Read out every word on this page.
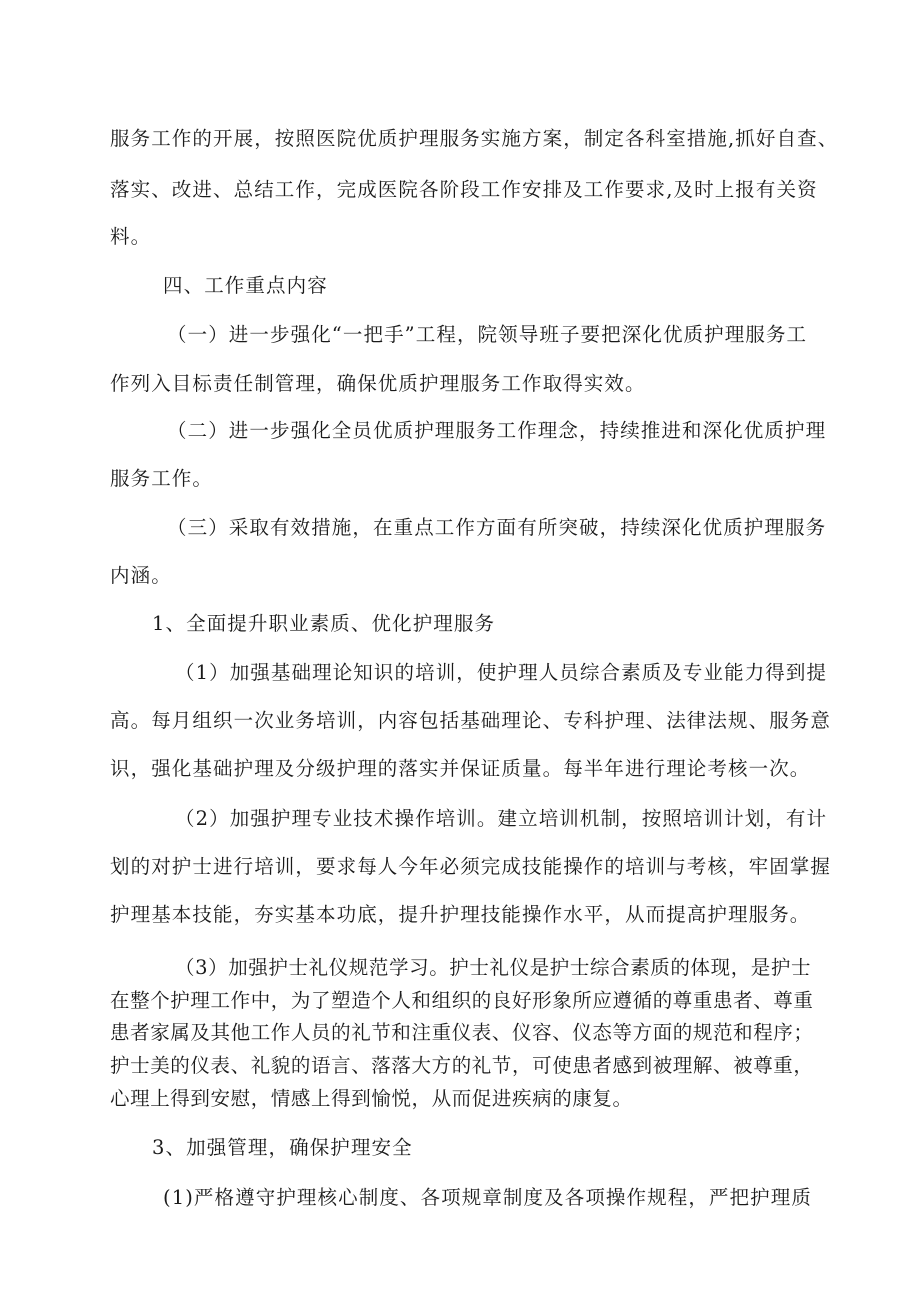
服务工作的开展，按照医院优质护理服务实施方案，制定各科室措施,抓好自查、
落实、改进、总结工作，完成医院各阶段工作安排及工作要求,及时上报有关资
料。
四、工作重点内容
（一）进一步强化“一把手”工程，院领导班子要把深化优质护理服务工
作列入目标责任制管理，确保优质护理服务工作取得实效。
（二）进一步强化全员优质护理服务工作理念，持续推进和深化优质护理
服务工作。
（三）采取有效措施，在重点工作方面有所突破，持续深化优质护理服务
内涵。
1、全面提升职业素质、优化护理服务
（1）加强基础理论知识的培训，使护理人员综合素质及专业能力得到提
高。每月组织一次业务培训，内容包括基础理论、专科护理、法律法规、服务意
识，强化基础护理及分级护理的落实并保证质量。每半年进行理论考核一次。
（2）加强护理专业技术操作培训。建立培训机制，按照培训计划，有计
划的对护士进行培训，要求每人今年必须完成技能操作的培训与考核，牢固掌握
护理基本技能，夯实基本功底，提升护理技能操作水平，从而提高护理服务。
（3）加强护士礼仪规范学习。护士礼仪是护士综合素质的体现，是护士
在整个护理工作中，为了塑造个人和组织的良好形象所应遵循的尊重患者、尊重
患者家属及其他工作人员的礼节和注重仪表、仪容、仪态等方面的规范和程序；
护士美的仪表、礼貌的语言、落落大方的礼节，可使患者感到被理解、被尊重，
心理上得到安慰，情感上得到愉悦，从而促进疾病的康复。
3、加强管理，确保护理安全
(1)严格遵守护理核心制度、各项规章制度及各项操作规程，严把护理质
